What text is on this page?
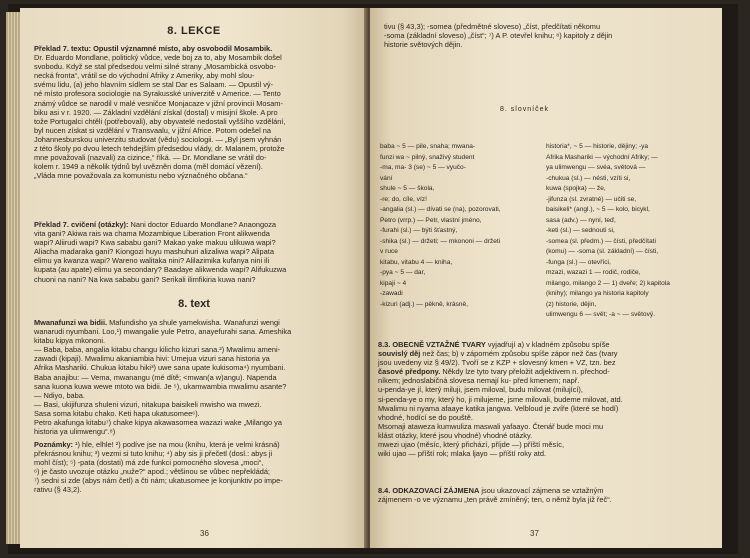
8. LEKCE
Překlad 7. textu: Opustil významné místo, aby osvobodil Mosambik.
Dr. Eduardo Mondlane, politický vůdce, vede boj za to, aby Mosambik došel
svobodu. Když se stal předsedou velmi silné strany „Mosambická osvobo-
necká fronta“, vrátil se do východní Afriky z Ameriky, aby mohl slou-
svému lidu, (a) jeho hlavním sídlem se stal Dar es Salaam. — Opustil vý-
né místo profesora sociologie na Syrakusské univerzitě v Americe. — Tento
známý vůdce se narodil v malé vesničce Monjacaze v jižní provincii Mosam-
biku asi v r. 1920. — Základní vzdělání získal (dostal) v misijní škole. A pro
tože Portugalci chtěli (potřebovali), aby obyvatelé nedostali vyššího vzdělání,
byl nucen získat si vzdělání v Transvaalu, v jižní Africe. Potom odešel na
Johannesburskou univerzitu studovat (vědu) sociologii. — „Byl jsem vyhnán
z této školy po dvou letech tehdejším předsedou vlády, dr. Malanem, protože
mne považovali (nazvali) za cizince,“ říká. — Dr. Mondlane se vrátil do-
kolem r. 1949 a několik týdnů byl uvězněn doma (měl domácí vězení).
„Vláda mne považovala za komunistu nebo význačného občana.“
Překlad 7. cvičení (otázky): Nani doctor Eduardo Mondlane? Anaongoza
vita gani? Akiwa rais wa chama Mozambique Liberation Front alikwenda
wapi? Aliirudi wapi? Kwa sababu gani? Makao yake makuu ulikuwa wapi?
Aliacha madaraka gani? Kiongozi huyu mashuhuri alizaliwa wapi? Alipata
elimu ya kwanza wapi? Wareno walitaka nini? Alilazimika kufanya nini ili
kupata (au apate) elimu ya secondary? Baadaye alikwenda wapi? Alifukuzwa
chuoni na nani? Na kwa sababu gani? Serikali ilimfikiria kuwa nani?
8. text
Mwanafunzi wa bidii. Mafundisho ya shule yamekwisha. Wanafunzi wengi
wanarudi nyumbani. Loo,¹) mwangalie yule Petro, anayefurahi sana. Ameshika
kitabu kipya mkononi.
— Baba, baba, angalia kitabu changu kilicho kizuri sana.²) Mwalimu ameni-
zawadi (kipaji). Mwalimu akaniambia hivi: Umejua vizuri sana historia ya
Afrika Mashariki. Chukua kitabu hiki³) uwe sana upate kukisoma⁴) nyumbani.
Baba anajibu: — Vema, mwanangu (mé dítě; <mwan(a w)angu). Napenda
sana kuona kuwa wewe mtoto wa bidii. Je ⁵), ukamwambia mwalimu asante?
— Ndiyo, baba.
— Basi, ukijifunza shuleni vizuri, nitakupa baisikeli mwisho wa mwezi.
Sasa soma kitabu chako. Keti hapa ukatusomee⁶).
Petro akafunga kitabu⁷) chake kipya akawasomea wazazi wake „Milango ya
historia ya ulimwengu“.⁸)
Poznámky: ¹) hle, elhle! ²) podíve jse na mou (knihu, která je velmi krásná)
překrásnou knihu; ³) vezmi si tuto knihu; ⁴) aby sis ji přečetl (dosl.: abys ji
mohl číst); ⁵) -pata (dostati) má zde funkci pomocného slovesa „moci“,
⁶) je často uvozuje otázku „nuže?“ apod.; většinou se vůbec nepřekládá;
⁷) sedni si zde (abys nám četl) a čti nám; ukatusomee je konjunktiv po impe-
rativu (§ 43,2).
36
tivu (§ 43,3); -somea (předmětné sloveso) „číst, předčítati někomu
-soma (základní sloveso) „číst“; ⁷) A P. otevřel knihu; ⁸) kapitoly z dějin
historie světových dějin.
8. slovníček
baba ~ 5 — pile, snaha; mwana-
funzi wa ~ pilný, snaživý student
-ma, ma- 3 (se) ~ 5 — vyučo-
vání
shule ~ 5 — škola,
-re; do, cíle, víz!
-angalia (sl.) — dívati se (na), pozorovati,
Petro (vrrp.) — Petr, vlastní jméno,
-furahi (sl.) — býti šťastný,
-shika (sl.) — držeti; — mkononi — držeti
v ruce
kitabu, vitabu 4 — kniha,
-pya ~ 5 — dar,
kipaji ~ 4
-zawadi
-kizuri (adj.) — pěkně, krásně,
historia*, ~ 5 — historie, dějiny; -ya
Afrika Mashariki — východní Afriky; —
ya ulimwengu — svéa, světová —
-chukua (sl.) — nésti, vzíti si,
kuwa (spojka) — že,
-jifunza (sl. zvratné) — učiti se,
baisikeli* (angl.), ~ 5 — kolo, bicykl,
sasa (adv.) — nyní, teď,
-keti (sl.) — sednouti si,
-somea (sl. předm.) — čísti, předčítati
(komu) — -soma (sl. základní) — čísti,
-funga (sl.) — otevříci,
mzazi, wazazi 1 — rodič, rodiče,
milango, milango 2 — 1) dveře; 2) kapitola
(knihy); milango ya historia kapitoly
(z) historie, dějin,
ulimwengu 6 — svět; -a ~ — světový.
8.3. OBECNĚ VZTAŽNÉ TVARY vyjadřují a) v kladném způsobu spíše
souvislý děj než čas; b) v záporném způsobu spíše zápor než čas (tvary
jsou uvedeny viz § 49/2). Tvoří se z KZP + slovesný kmen + VZ, tzn. bez
časové předpony. Někdy lze tyto tvary přeložit adjektivem n. přechod-
níkem; jednoslabičná slovesa nemají ku- před kmenem; např.
u-penda-ye jí, který miluji, jsem miloval, budu milovat (milující),
si-penda-ye o my, který ho, ji milujeme, jsme milovali, budeme milovat, atd.
Mwalimu ni nyama afaaye katika jangwa. Velbloud je zvíře (které se hodí)
vhodné, hodící se do pouště.
Msomaji ataweza kumwuliza maswali yafaayo. Čtenář bude moci mu
klást otázky, které jsou vhodné) vhodné otázky.
mwezi ujao (měsíc, který přichází, příjde —) příští měsíc,
wiki ujao — příští rok; mlaka ljayo — příští roky atd.
8.4. ODKAZOVACÍ ZÁJMENA jsou ukazovací zájmena se vztažným
zájmenem -o ve významu „ten právě zmíněný; ten, o němž byla již řeč“.
37
